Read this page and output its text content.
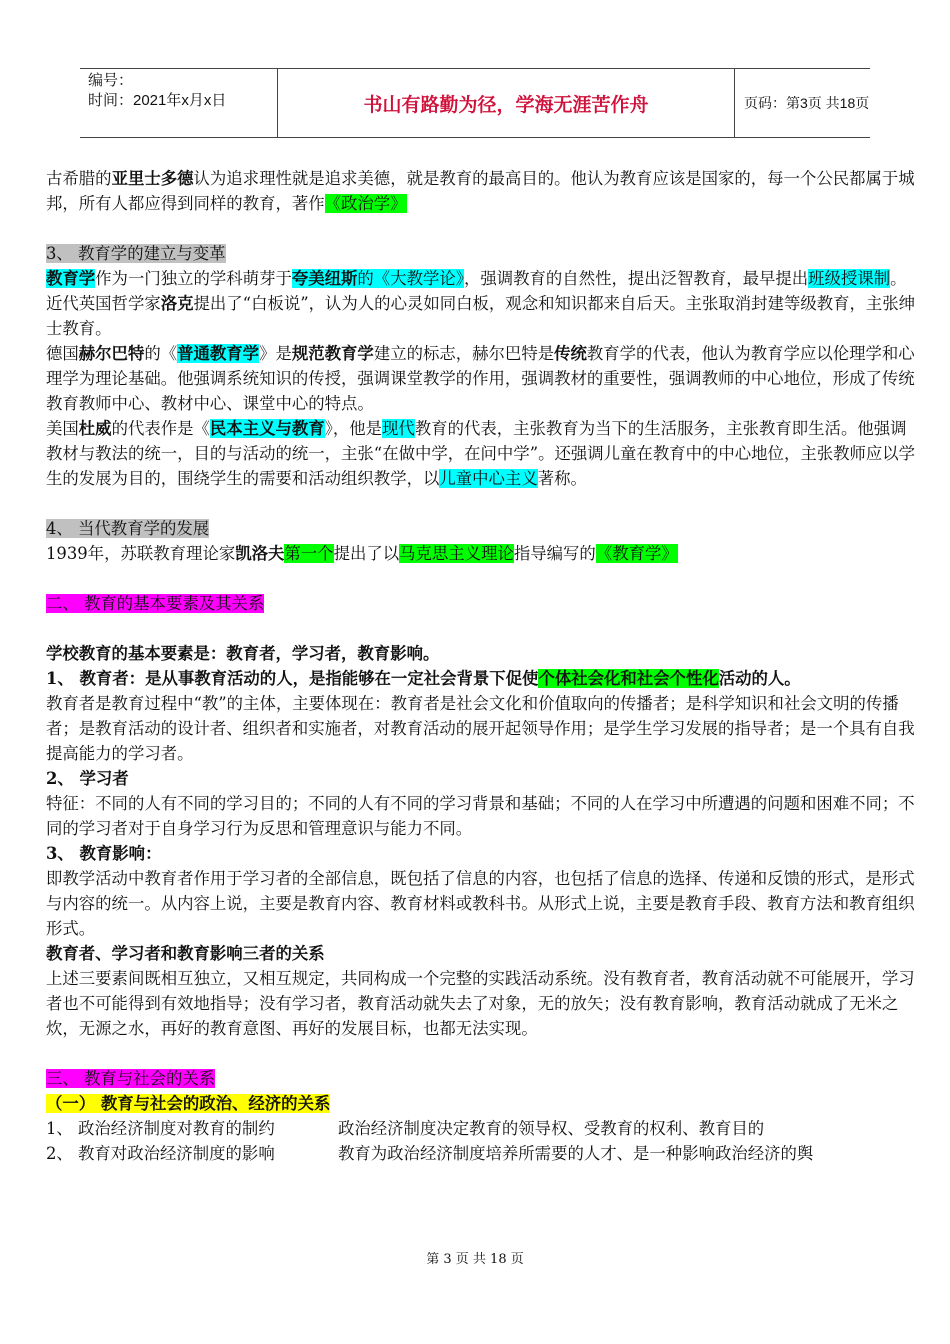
编号：
时间：2021年x月x日	书山有路勤为径，学海无涯苦作舟	页码：第3页 共18页

古希腊的亚里士多德认为追求理性就是追求美德，就是教育的最高目的。他认为教育应该是国家的，每一个公民都属于城邦，所有人都应得到同样的教育，著作《政治学》

3、 教育学的建立与变革

教育学作为一门独立的学科萌芽于夸美纽斯的《大教学论》，强调教育的自然性，提出泛智教育，最早提出班级授课制。

近代英国哲学家洛克提出了“白板说”，认为人的心灵如同白板，观念和知识都来自后天。主张取消封建等级教育，主张绅士教育。

德国赫尔巴特的《普通教育学》是规范教育学建立的标志，赫尔巴特是传统教育学的代表，他认为教育学应以伦理学和心理学为理论基础。他强调系统知识的传授，强调课堂教学的作用，强调教材的重要性，强调教师的中心地位，形成了传统教育教师中心、教材中心、课堂中心的特点。

美国杜威的代表作是《民本主义与教育》，他是现代教育的代表，主张教育为当下的生活服务，主张教育即生活。他强调教材与教法的统一，目的与活动的统一，主张“在做中学，在问中学”。还强调儿童在教育中的中心地位，主张教师应以学生的发展为目的，围绕学生的需要和活动组织教学，以儿童中心主义著称。

4、 当代教育学的发展

1939年，苏联教育理论家凯洛夫第一个提出了以马克思主义理论指导编写的《教育学》

二、 教育的基本要素及其关系

学校教育的基本要素是：教育者，学习者，教育影响。

1、 教育者：是从事教育活动的人，是指能够在一定社会背景下促使个体社会化和社会个性化活动的人。

教育者是教育过程中“教”的主体，主要体现在：教育者是社会文化和价值取向的传播者；是科学知识和社会文明的传播者；是教育活动的设计者、组织者和实施者，对教育活动的展开起领导作用；是学生学习发展的指导者；是一个具有自我提高能力的学习者。

2、 学习者

特征：不同的人有不同的学习目的；不同的人有不同的学习背景和基础；不同的人在学习中所遭遇的问题和困难不同；不同的学习者对于自身学习行为反思和管理意识与能力不同。

3、 教育影响：

即教学活动中教育者作用于学习者的全部信息，既包括了信息的内容，也包括了信息的选择、传递和反馈的形式，是形式与内容的统一。从内容上说，主要是教育内容、教育材料或教科书。从形式上说，主要是教育手段、教育方法和教育组织形式。

教育者、学习者和教育影响三者的关系

上述三要素间既相互独立，又相互规定，共同构成一个完整的实践活动系统。没有教育者，教育活动就不可能展开，学习者也不可能得到有效地指导；没有学习者，教育活动就失去了对象，无的放矢；没有教育影响，教育活动就成了无米之炊，无源之水，再好的教育意图、再好的发展目标，也都无法实现。

三、 教育与社会的关系

（一） 教育与社会的政治、经济的关系

1、 政治经济制度对教育的制约	政治经济制度决定教育的领导权、受教育的权利、教育目的

2、 教育对政治经济制度的影响	教育为政治经济制度培养所需要的人才、是一种影响政治经济的舆

第 3 页 共 18 页
